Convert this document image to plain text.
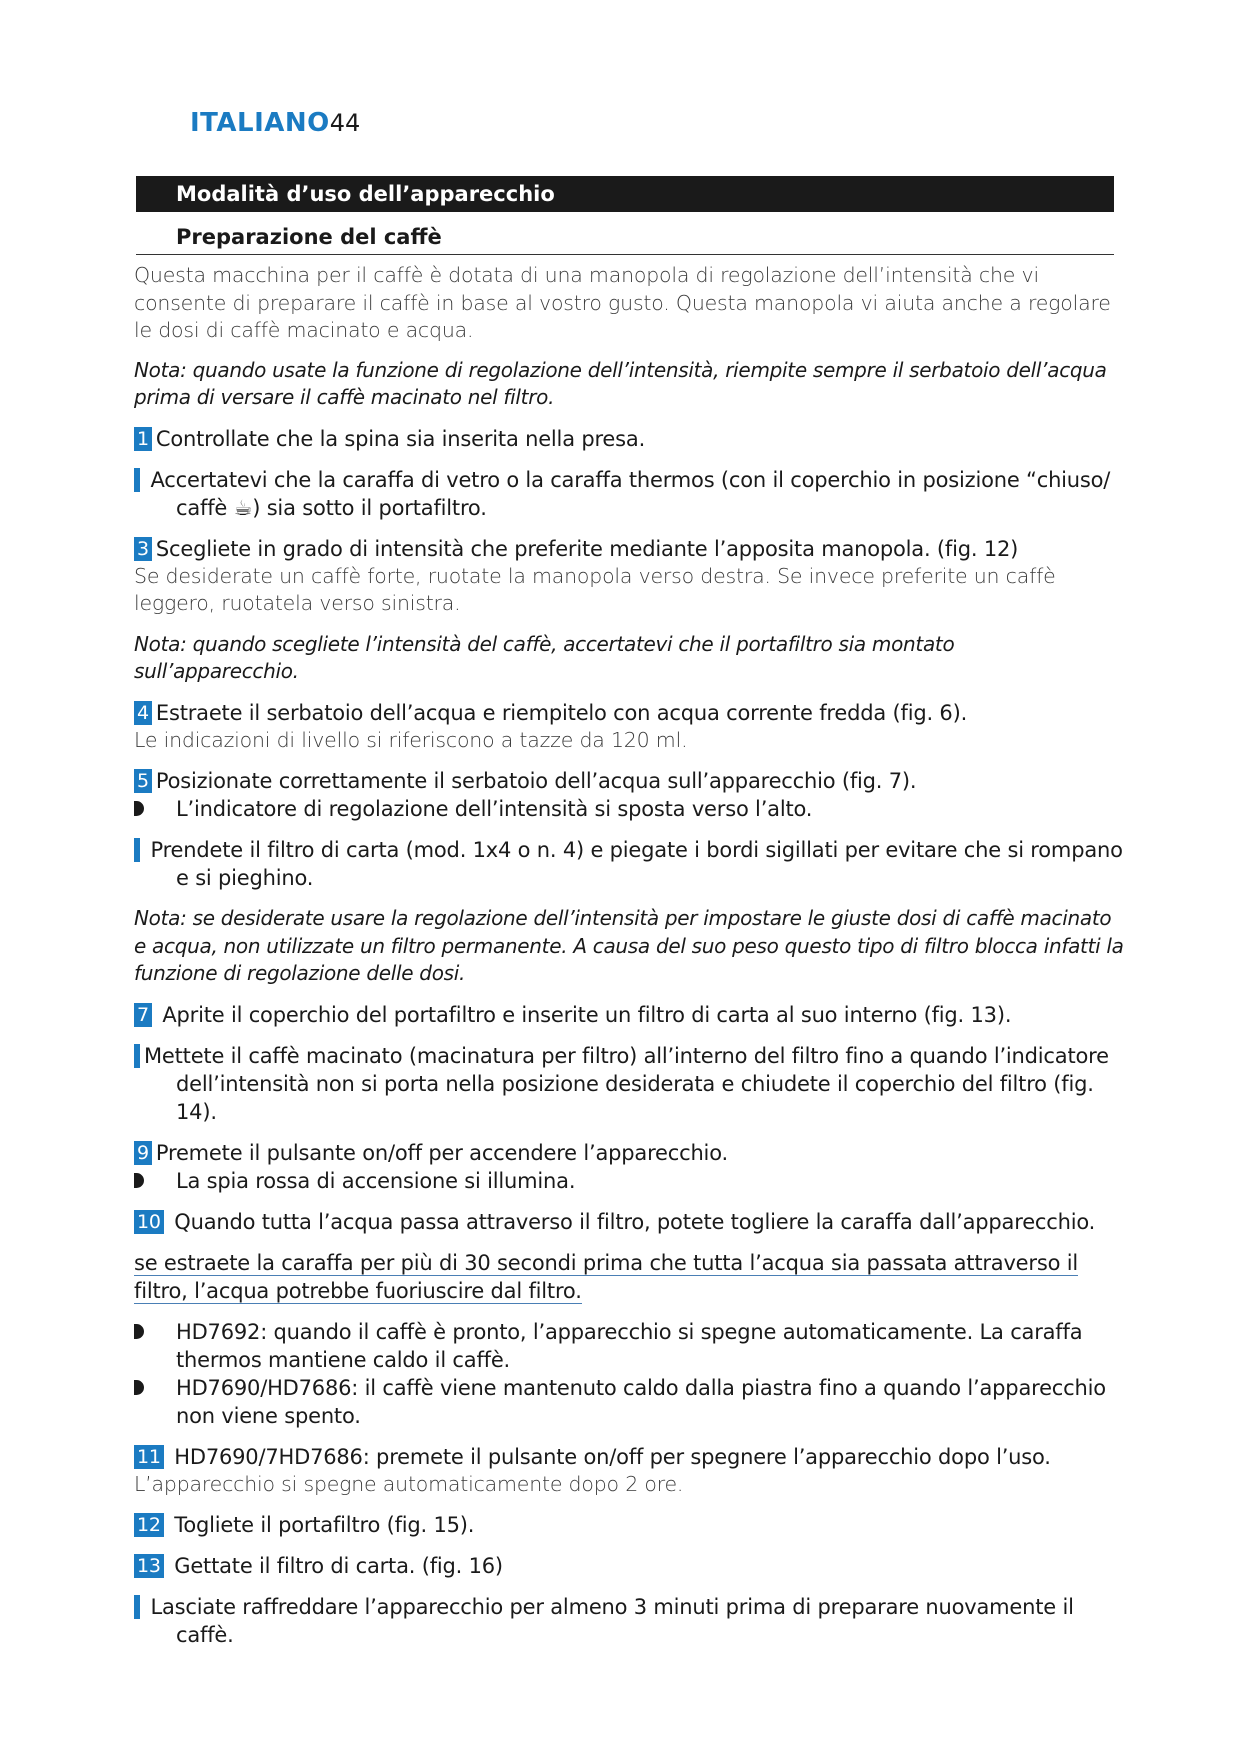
ITALIANO44
Modalità d’uso dell’apparecchio
Preparazione del caffè

Questa macchina per il caffè è dotata di una manopola di regolazione dell’intensità che vi consente di preparare il caffè in base al vostro gusto. Questa manopola vi aiuta anche a regolare le dosi di caffè macinato e acqua.

Nota: quando usate la funzione di regolazione dell’intensità, riempite sempre il serbatoio dell’acqua prima di versare il caffè macinato nel filtro.

1 Controllate che la spina sia inserita nella presa.
2 Accertatevi che la caraffa di vetro o la caraffa thermos (con il coperchio in posizione “chiuso/ caffè ☕) sia sotto il portafiltro.
3 Scegliete in grado di intensità che preferite mediante l’apposita manopola. (fig. 12)
Se desiderate un caffè forte, ruotate la manopola verso destra. Se invece preferite un caffè leggero, ruotatela verso sinistra.

Nota: quando scegliete l’intensità del caffè, accertatevi che il portafiltro sia montato sull’apparecchio.

4 Estraete il serbatoio dell’acqua e riempitelo con acqua corrente fredda (fig. 6).
Le indicazioni di livello si riferiscono a tazze da 120 ml.
5 Posizionate correttamente il serbatoio dell’acqua sull’apparecchio (fig. 7).
L’indicatore di regolazione dell’intensità si sposta verso l’alto.
6 Prendete il filtro di carta (mod. 1x4 o n. 4) e piegate i bordi sigillati per evitare che si rompano e si pieghino.

Nota: se desiderate usare la regolazione dell’intensità per impostare le giuste dosi di caffè macinato e acqua, non utilizzate un filtro permanente. A causa del suo peso questo tipo di filtro blocca infatti la funzione di regolazione delle dosi.

7 Aprite il coperchio del portafiltro e inserite un filtro di carta al suo interno (fig. 13).
8 Mettete il caffè macinato (macinatura per filtro) all’interno del filtro fino a quando l’indicatore dell’intensità non si porta nella posizione desiderata e chiudete il coperchio del filtro (fig. 14).
9 Premete il pulsante on/off per accendere l’apparecchio.
La spia rossa di accensione si illumina.
10 Quando tutta l’acqua passa attraverso il filtro, potete togliere la caraffa dall’apparecchio.

se estraete la caraffa per più di 30 secondi prima che tutta l’acqua sia passata attraverso il filtro, l’acqua potrebbe fuoriuscire dal filtro.

HD7692: quando il caffè è pronto, l’apparecchio si spegne automaticamente. La caraffa thermos mantiene caldo il caffè.
HD7690/HD7686: il caffè viene mantenuto caldo dalla piastra fino a quando l’apparecchio non viene spento.
11 HD7690/7HD7686: premete il pulsante on/off per spegnere l’apparecchio dopo l’uso.
L’apparecchio si spegne automaticamente dopo 2 ore.
12 Togliete il portafiltro (fig. 15).
13 Gettate il filtro di carta. (fig. 16)
14 Lasciate raffreddare l’apparecchio per almeno 3 minuti prima di preparare nuovamente il caffè.
